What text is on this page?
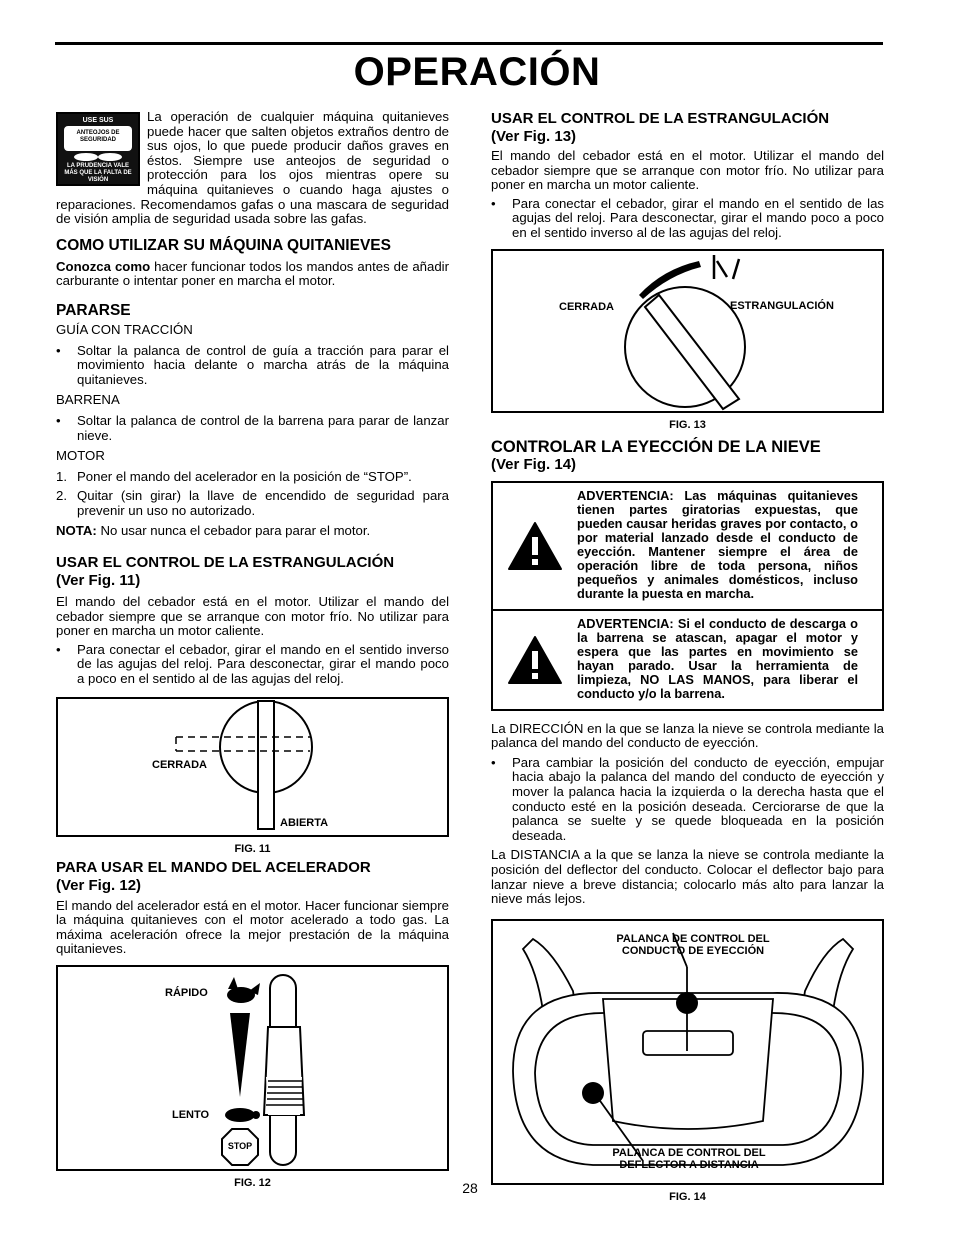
OPERACIÓN
USE SUS
ANTEOJOS DE SEGURIDAD
LA PRUDENCIA VALE MÁS QUE LA FALTA DE VISIÓN

La operación de cualquier máquina quitanieves puede hacer que salten objetos extraños dentro de sus ojos, lo que puede producir daños graves en éstos. Siempre use anteojos de seguridad o protección para los ojos mientras opere su máquina quitanieves o cuando haga ajustes o reparaciones. Recomendamos gafas o una mascara de seguridad de visión amplia de seguridad usada sobre las gafas.

COMO UTILIZAR SU MÁQUINA QUITANIEVES

Conozca como hacer funcionar todos los mandos antes de añadir carburante o intentar poner en marcha el motor.

PARARSE

GUÍA CON TRACCIÓN

• Soltar la palanca de control de guía a tracción para parar el movimiento hacia delante o marcha atrás de la máquina quitanieves.

BARRENA

• Soltar la palanca de control de la barrena para parar de lanzar nieve.

MOTOR

1. Poner el mando del acelerador en la posición de “STOP”.
2. Quitar (sin girar) la llave de encendido de seguridad para prevenir un uso no autorizado.

NOTA: No usar nunca el cebador para parar el motor.

USAR EL CONTROL DE LA ESTRANGULACIÓN
(Ver Fig. 11)

El mando del cebador está en el motor. Utilizar el mando del cebador siempre que se arranque con motor frío. No utilizar para poner en marcha un motor caliente.

• Para conectar el cebador, girar el mando en el sentido inverso de las agujas del reloj. Para desconectar, girar el mando poco a poco en el sentido al de las agujas del reloj.
CERRADA
ABIERTA
FIG. 11
PARA USAR EL MANDO DEL ACELERADOR
(Ver Fig. 12)

El mando del acelerador está en el motor. Hacer funcionar siempre la máquina quitanieves con el motor acelerado a todo gas. La máxima aceleración ofrece la mejor prestación de la máquina quitanieves.

RÁPIDO
LENTO
STOP
FIG. 12
USAR EL CONTROL DE LA ESTRANGULACIÓN
(Ver Fig. 13)

El mando del cebador está en el motor. Utilizar el mando del cebador siempre que se arranque con motor frío. No utilizar para poner en marcha un motor caliente.

• Para conectar el cebador, girar el mando en el sentido de las agujas del reloj. Para desconectar, girar el mando poco a poco en el sentido inverso al de las agujas del reloj.
CERRADA	ESTRANGULACIÓN
FIG. 13
CONTROLAR LA EYECCIÓN DE LA NIEVE
(Ver Fig. 14)
ADVERTENCIA: Las máquinas quitanieves tienen partes giratorias expuestas, que pueden causar heridas graves por contacto, o por material lanzado desde el conducto de eyección. Mantener siempre el área de operación libre de toda persona, niños pequeños y animales domésticos, incluso durante la puesta en marcha.
ADVERTENCIA: Si el conducto de descarga o la barrena se atascan, apagar el motor y espera que las partes en movimiento se hayan parado. Usar la herramienta de limpieza, NO LAS MANOS, para liberar el conducto y/o la barrena.

La DIRECCIÓN en la que se lanza la nieve se controla mediante la palanca del mando del conducto de eyección.

• Para cambiar la posición del conducto de eyección, empujar hacia abajo la palanca del mando del conducto de eyección y mover la palanca hacia la izquierda o la derecha hasta que el conducto esté en la posición deseada. Cerciorarse de que la palanca se suelte y se quede bloqueada en la posición deseada.

La DISTANCIA a la que se lanza la nieve se controla mediante la posición del deflector del conducto. Colocar el deflector bajo para lanzar nieve a breve distancia; colocarlo más alto para lanzar la nieve más lejos.

PALANCA DE CONTROL DEL CONDUCTO DE EYECCIÓN
PALANCA DE CONTROL DEL DEFLECTOR A DISTANCIA
FIG. 14
28
